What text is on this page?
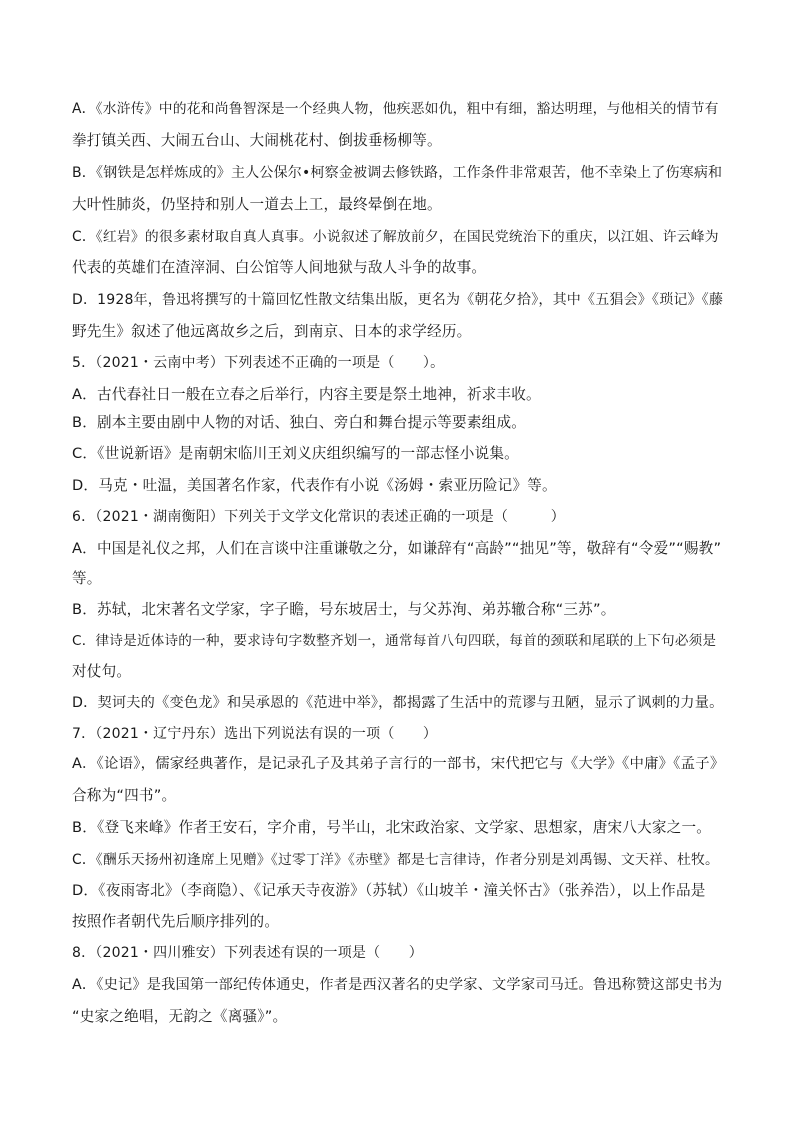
A．《水浒传》中的花和尚鲁智深是一个经典人物，他疾恶如仇，粗中有细，豁达明理，与他相关的情节有
拳打镇关西、大闹五台山、大闹桃花村、倒拔垂杨柳等。
B．《钢铁是怎样炼成的》主人公保尔•柯察金被调去修铁路，工作条件非常艰苦，他不幸染上了伤寒病和
大叶性肺炎，仍坚持和别人一道去上工，最终晕倒在地。
C．《红岩》的很多素材取自真人真事。小说叙述了解放前夕，在国民党统治下的重庆，以江姐、许云峰为
代表的英雄们在渣滓洞、白公馆等人间地狱与敌人斗争的故事。
D．1928年，鲁迅将撰写的十篇回忆性散文结集出版，更名为《朝花夕拾》，其中《五猖会》《琐记》《藤
野先生》叙述了他远离故乡之后，到南京、日本的求学经历。
5．（2021・云南中考）下列表述不正确的一项是（　　）。
A．古代春社日一般在立春之后举行，内容主要是祭土地神，祈求丰收。
B．剧本主要由剧中人物的对话、独白、旁白和舞台提示等要素组成。
C．《世说新语》是南朝宋临川王刘义庆组织编写的一部志怪小说集。
D．马克・吐温，美国著名作家，代表作有小说《汤姆・索亚历险记》等。
6．（2021・湖南衡阳）下列关于文学文化常识的表述正确的一项是（　　　）
A．中国是礼仪之邦，人们在言谈中注重谦敬之分，如谦辞有“高龄”“拙见”等，敬辞有“令爱”“赐教”
等。
B．苏轼，北宋著名文学家，字子瞻，号东坡居士，与父苏洵、弟苏辙合称“三苏”。
C．律诗是近体诗的一种，要求诗句字数整齐划一，通常每首八句四联，每首的颈联和尾联的上下句必须是
对仗句。
D．契诃夫的《变色龙》和吴承恩的《范进中举》，都揭露了生活中的荒谬与丑陋，显示了讽刺的力量。
7．（2021・辽宁丹东）选出下列说法有误的一项（　　）
A．《论语》，儒家经典著作，是记录孔子及其弟子言行的一部书，宋代把它与《大学》《中庸》《孟子》
合称为“四书”。
B．《登飞来峰》作者王安石，字介甫，号半山，北宋政治家、文学家、思想家，唐宋八大家之一。
C．《酬乐天扬州初逢席上见赠》《过零丁洋》《赤壁》都是七言律诗，作者分别是刘禹锡、文天祥、杜牧。
D．《夜雨寄北》（李商隐）、《记承天寺夜游》（苏轼）《山坡羊・潼关怀古》（张养浩），以上作品是
按照作者朝代先后顺序排列的。
8．（2021・四川雅安）下列表述有误的一项是（　　）
A．《史记》是我国第一部纪传体通史，作者是西汉著名的史学家、文学家司马迁。鲁迅称赞这部史书为
“史家之绝唱，无韵之《离骚》”。
